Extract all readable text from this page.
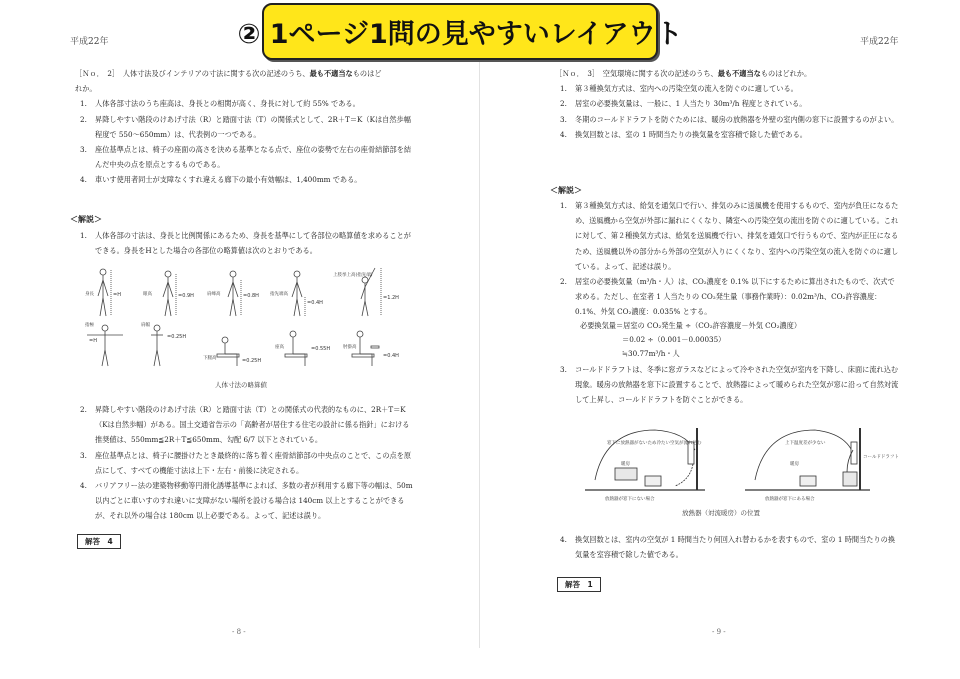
② 1ページ1問の見やすいレイアウト
平成22年
［Ｎｏ．　2］　人体寸法及びインテリアの寸法に関する次の記述のうち、最も不適当なものはど
れか。
1.	人体各部寸法のうち座高は、身長との相関が高く、身長に対して約 55% である。
2.	昇降しやすい階段のけあげ寸法（R）と踏面寸法（T）の関係式として、2R＋T＝K（Kは自然歩幅程度で 550〜650mm）は、代表例の一つである。
3.	座位基準点とは、椅子の座面の高さを決める基準となる点で、座位の姿勢で左右の座骨結節部を結んだ中央の点を原点とするものである。
4.	車いす使用者同士が支障なくすれ違える廊下の最小有効幅は、1,400mm である。
＜解説＞
1.	人体各部の寸法は、身長と比例関係にあるため、身長を基準にして各部位の略算値を求めることができる。身長をHとした場合の各部位の略算値は次のとおりである。
身長	=H	眼高	=0.9H	肩峰高	=0.8H 指先端高
=0.4H
上肢挙上高(指先端)
=1.2H
指極	肩幅
=0.25H
下腿高	=0.25H
座高	=0.55H	肘掛高
=0.4H
=H
人体寸法の略算値
2.	昇降しやすい階段のけあげ寸法（R）と踏面寸法（T）との関係式の代表的なものに、2R＋T＝K（Kは自然歩幅）がある。国土交通省告示の「高齢者が居住する住宅の設計に係る指針」における推奨値は、550mm≦2R＋T≦650mm、勾配 6/7 以下とされている。
3.	座位基準点とは、椅子に腰掛けたとき最終的に落ち着く座骨結節部の中央点のことで、この点を原点にして、すべての機能寸法は上下・左右・前後に決定される。
4.	バリアフリー法の建築物移動等円滑化誘導基準によれば、多数の者が利用する廊下等の幅は、50m以内ごとに車いすのすれ違いに支障がない場所を設ける場合は 140cm 以上とすることができるが、それ以外の場合は 180cm 以上必要である。よって、記述は誤り。
解答　4
- 8 -
平成22年
［Ｎｏ．　3］　空気環境に関する次の記述のうち、最も不適当なものはどれか。
1.	第３種換気方式は、室内への汚染空気の流入を防ぐのに適している。
2.	居室の必要換気量は、一般に、1 人当たり 30m³/h 程度とされている。
3.	冬期のコールドドラフトを防ぐためには、暖房の放熱器を外壁の室内側の窓下に設置するのがよい。
4.	換気回数とは、室の 1 時間当たりの換気量を室容積で除した値である。
＜解説＞
1.	第３種換気方式は、給気を通気口で行い、排気のみに送風機を使用するもので、室内が負圧になるため、送風機から空気が外部に漏れにくくなり、隣室への汚染空気の流出を防ぐのに適している。これに対して、第２種換気方式は、給気を送風機で行い、排気を通気口で行うもので、室内が正圧になるため、送風機以外の部分から外部の空気が入りにくくなり、室内への汚染空気の流入を防ぐのに適している。よって、記述は誤り。
2.	居室の必要換気量（m³/h・人）は、CO₂濃度を 0.1% 以下にするために算出されたもので、次式で求める。ただし、在室者 1 人当たりの CO₂発生量（事務作業時）：0.02m³/h、CO₂許容濃度：0.1%、外気 CO₂濃度：0.035% とする。
必要換気量＝居室の CO₂発生量 ÷（CO₂許容濃度－外気 CO₂濃度）
＝0.02 ÷（0.001－0.00035）
≒30.77m³/h・人
3.	コールドドラフトは、冬季に窓ガラスなどによって冷やされた空気が室内を下降し、床面に流れ込む現象。暖房の放熱器を窓下に設置することで、放熱器によって暖められた空気が窓に沿って自然対流して上昇し、コールドドラフトを防ぐことができる。
窓下に放熱器がないため冷たい空気が流れ込む
暖房
放熱器が窓下にない場合
上下温度差が少ない
暖房
コールドドラフト
放熱器が窓下にある場合
放熱器（対流暖房）の位置
4.	換気回数とは、室内の空気が 1 時間当たり何回入れ替わるかを表すもので、室の 1 時間当たりの換気量を室容積で除した値である。
解答　1
- 9 -
